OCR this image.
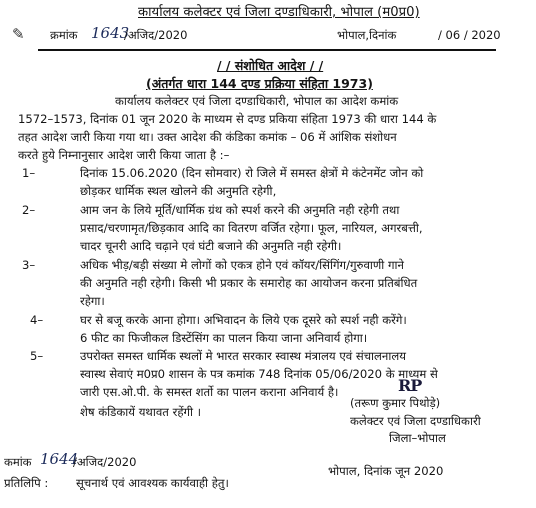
कार्यालय कलेक्टर एवं जिला दण्डाधिकारी, भोपाल (म0प्र0)
✎ क्रमांक 1643
/अजिद/2020	भोपाल,दिनांक	/ 06 / 2020
/ / संशोधित आदेश / /
(अंतर्गत धारा 144 दण्ड प्रक्रिया संहिता 1973)
कार्यालय कलेक्टर एवं जिला दण्डाधिकारी, भोपाल का आदेश कमांक
1572–1573, दिनांक 01 जून 2020 के माध्यम से दण्ड प्रकिया संहिता 1973 की धारा 144 के
तहत आदेश जारी किया गया था। उक्त आदेश की कंडिका कमांक – 06 में आंशिक संशोधन
करते हुये निम्नानुसार आदेश जारी किया जाता है :–
1–	दिनांक 15.06.2020 (दिन सोमवार) रो जिले में समस्त क्षेत्रों मे कंटेनमेंट जोन को
छोड़कर धार्मिक स्थल खोलने की अनुमति रहेगी,
2–	आम जन के लिये मूर्ति/धार्मिक ग्रंथ को स्पर्श करने की अनुमति नही रहेगी तथा
प्रसाद/चरणामृत/छिड़काव आदि का वितरण वर्जित रहेगा। फूल, नारियल, अगरबत्ती,
चादर चूनरी आदि चढ़ाने एवं घंटी बजाने की अनुमति नही रहेगी।
3–	अधिक भीड़/बड़ी संख्या मे लोगों को एकत्र होने एवं कॉयर/सिंगिंग/गुरुवाणी गाने
की अनुमति नही रहेगी। किसी भी प्रकार के समारोह का आयोजन करना प्रतिबंधित
रहेगा।
4–	घर से बजू करके आना होगा। अभिवादन के लिये एक दूसरे को स्पर्श नही करेंगे।
6 फीट का फिजीकल डिस्टेंसिंग का पालन किया जाना अनिवार्य होगा।
5–	उपरोक्त समस्त धार्मिक स्थलों मे भारत सरकार स्वास्थ मंत्रालय एवं संचालनालय
स्वास्थ सेवाएं म0प्र0 शासन के पत्र कमांक 748 दिनांक 05/06/2020 के माध्यम से
जारी एस.ओ.पी. के समस्त शर्तो का पालन कराना अनिवार्य है।
शेष कंडिकायें यथावत रहेंगी ।
RP
(तरूण कुमार पिथोड़े)
कलेक्टर एवं जिला दण्डाधिकारी
जिला–भोपाल
कमांक 1644
/अजिद/2020
भोपाल, दिनांक जून 2020
प्रतिलिपि : सूचनार्थ एवं आवश्यक कार्यवाही हेतु।
